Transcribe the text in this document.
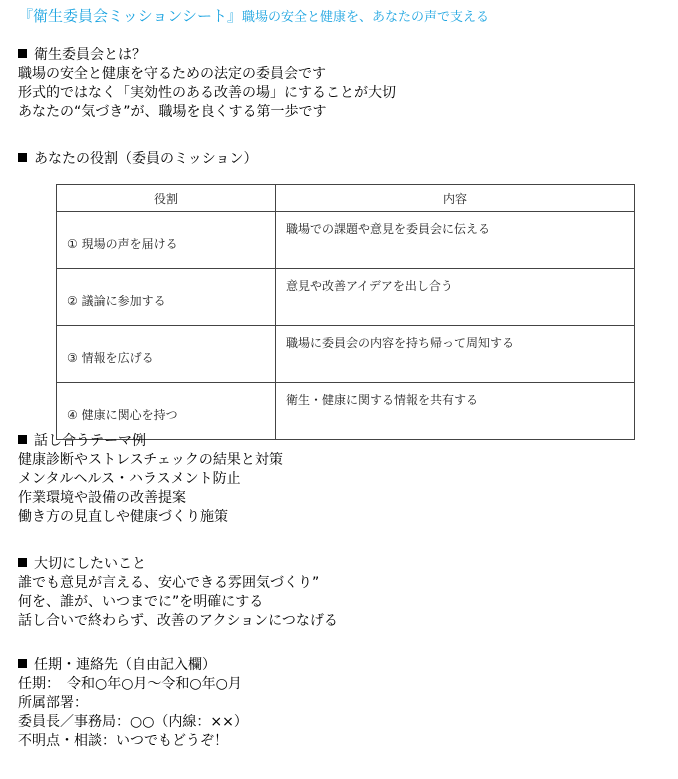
『衛生委員会ミッションシート』職場の安全と健康を、あなたの声で支える
衛生委員会とは？
職場の安全と健康を守るための法定の委員会です
形式的ではなく「実効性のある改善の場」にすることが大切
あなたの“気づき”が、職場を良くする第一歩です
あなたの役割（委員のミッション）
役割	内容
① 現場の声を届ける	職場での課題や意見を委員会に伝える
② 議論に参加する	意見や改善アイデアを出し合う
③ 情報を広げる	職場に委員会の内容を持ち帰って周知する
④ 健康に関心を持つ	衛生・健康に関する情報を共有する
話し合うテーマ例
健康診断やストレスチェックの結果と対策
メンタルヘルス・ハラスメント防止
作業環境や設備の改善提案
働き方の見直しや健康づくり施策
大切にしたいこと
誰でも意見が言える、安心できる雰囲気づくり”
何を、誰が、いつまでに”を明確にする
話し合いで終わらず、改善のアクションにつなげる
任期・連絡先（自由記入欄）
任期：　令和○年○月～令和○年○月
所属部署：
委員長／事務局：○○（内線：××）
不明点・相談：いつでもどうぞ！
